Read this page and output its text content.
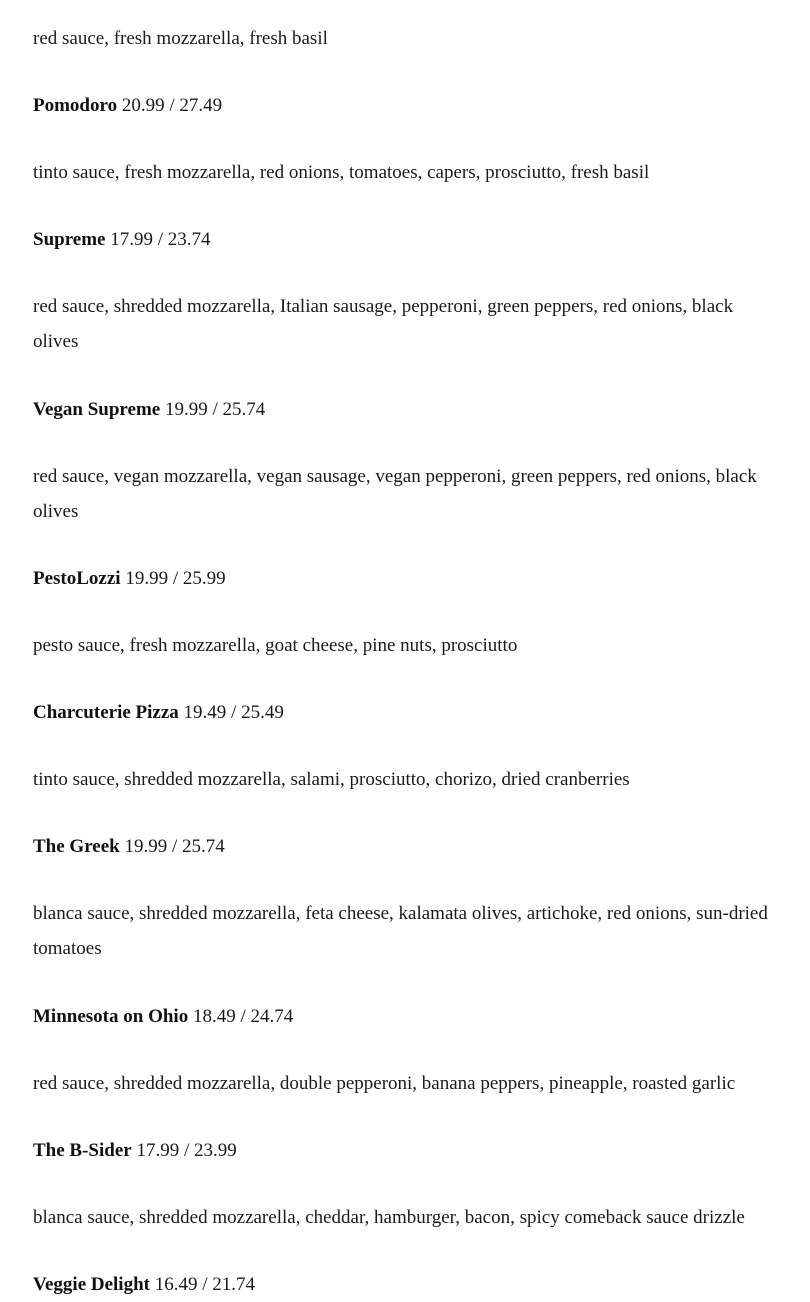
red sauce, fresh mozzarella, fresh basil

Pomodoro 20.99 / 27.49

tinto sauce, fresh mozzarella, red onions, tomatoes, capers, prosciutto, fresh basil

Supreme 17.99 / 23.74

red sauce, shredded mozzarella, Italian sausage, pepperoni, green peppers, red onions, black olives

Vegan Supreme 19.99 / 25.74

red sauce, vegan mozzarella, vegan sausage, vegan pepperoni, green peppers, red onions, black olives

PestoLozzi 19.99 / 25.99

pesto sauce, fresh mozzarella, goat cheese, pine nuts, prosciutto

Charcuterie Pizza 19.49 / 25.49

tinto sauce, shredded mozzarella, salami, prosciutto, chorizo, dried cranberries

The Greek 19.99 / 25.74

blanca sauce, shredded mozzarella, feta cheese, kalamata olives, artichoke, red onions, sun-dried tomatoes

Minnesota on Ohio 18.49 / 24.74

red sauce, shredded mozzarella, double pepperoni, banana peppers, pineapple, roasted garlic

The B-Sider 17.99 / 23.99

blanca sauce, shredded mozzarella, cheddar, hamburger, bacon, spicy comeback sauce drizzle

Veggie Delight 16.49 / 21.74
